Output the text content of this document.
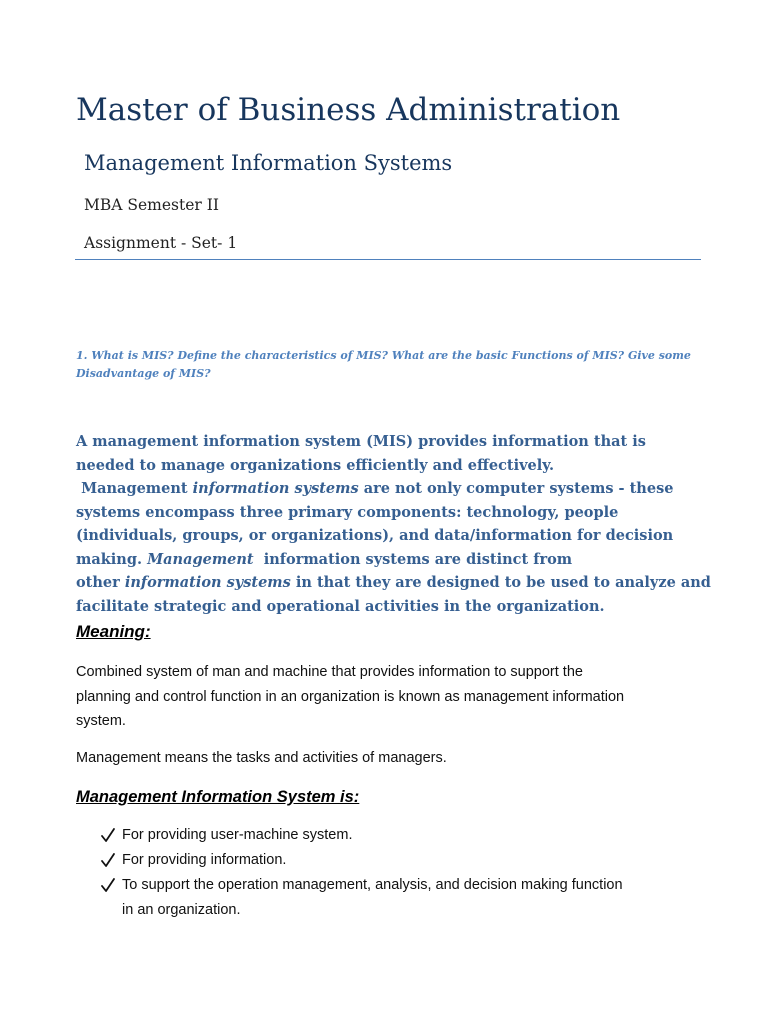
Master of Business Administration
Management Information Systems
MBA Semester II
Assignment - Set- 1
1. What is MIS? Define the characteristics of MIS? What are the basic Functions of MIS? Give some
Disadvantage of MIS?
A management information system (MIS) provides information that is
needed to manage organizations efficiently and effectively.
Management information systems are not only computer systems - these
systems encompass three primary components: technology, people
(individuals, groups, or organizations), and data/information for decision
making. Management  information systems are distinct from
other information systems in that they are designed to be used to analyze and
facilitate strategic and operational activities in the organization.
Meaning:
Combined system of man and machine that provides information to support the
planning and control function in an organization is known as management information
system.
Management means the tasks and activities of managers.
Management Information System is:
For providing user-machine system.
For providing information.
To support the operation management, analysis, and decision making function
in an organization.
